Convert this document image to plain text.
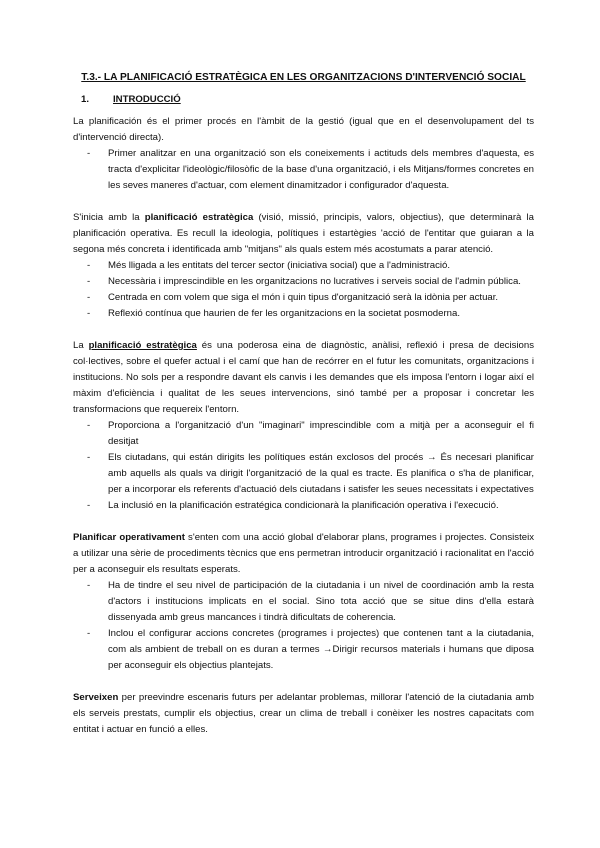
T.3.- LA PLANIFICACIÓ ESTRATÈGICA EN LES ORGANITZACIONS D'INTERVENCIÓ SOCIAL
1. INTRODUCCIÓ

La planificación és el primer procés en l'àmbit de la gestió (igual que en el desenvolupament del ts d'intervenció directa).

- Primer analitzar en una organització son els coneixements i actituds dels membres d'aquesta, es tracta d'explicitar l'ideològic/filosòfic de la base d'una organització, i els Mitjans/formes concretes en les seves maneres d'actuar, com element dinamitzador i configurador d'aquesta.

S'inicia amb la planificació estratègica (visió, missió, principis, valors, objectius), que determinarà la planificación operativa. Es recull la ideologia, polítiques i estartègies 'acció de l'entitar que guiaran a la segona més concreta i identificada amb "mitjans" als quals estem més acostumats a parar atenció.

- Més lligada a les entitats del tercer sector (iniciativa social) que a l'administració.
- Necessària i imprescindible en les organitzacions no lucratives i serveis social de l'admin pública.
- Centrada en com volem que siga el món i quin tipus d'organització serà la idònia per actuar.
- Reflexió contínua que haurien de fer les organitzacions en la societat posmoderna.

La planificació estratègica és una poderosa eina de diagnòstic, anàlisi, reflexió i presa de decisions col·lectives, sobre el quefer actual i el camí que han de recórrer en el futur les comunitats, organitzacions i institucions. No sols per a respondre davant els canvis i les demandes que els imposa l'entorn i logar així el màxim d'eficiència i qualitat de les seues intervencions, sinó també per a proposar i concretar les transformacions que requereix l'entorn.

- Proporciona a l'organització d'un "imaginari" imprescindible com a mitjà per a aconseguir el fi desitjat
- Els ciutadans, qui están dirigits les polítiques están exclosos del procés → És necesari planificar amb aquells als quals va dirigit l'organització de la qual es tracte. Es planifica o s'ha de planificar, per a incorporar els referents d'actuació dels ciutadans i satisfer les seues necessitats i expectatives
- La inclusió en la planificación estratégica condicionarà la planificación operativa i l'execució.

Planificar operativament s'enten com una acció global d'elaborar plans, programes i projectes. Consisteix a utilizar una sèrie de procediments tècnics que ens permetran introducir organització i racionalitat en l'acció per a aconseguir els resultats esperats.

- Ha de tindre el seu nivel de participación de la ciutadania i un nivel de coordinación amb la resta d'actors i institucions implicats en el social. Sino tota acció que se situe dins d'ella estarà dissenyada amb greus mancances i tindrà dificultats de coherencia.
- Inclou el configurar accions concretes (programes i projectes) que contenen tant a la ciutadania, com als ambient de treball on es duran a termes →Dirigir recursos materials i humans que diposa per aconseguir els objectius plantejats.

Serveixen per preevindre escenaris futurs per adelantar problemas, millorar l'atenció de la ciutadania amb els serveis prestats, cumplir els objectius, crear un clima de treball i conèixer les nostres capacitats com entitat i actuar en funció a elles.
